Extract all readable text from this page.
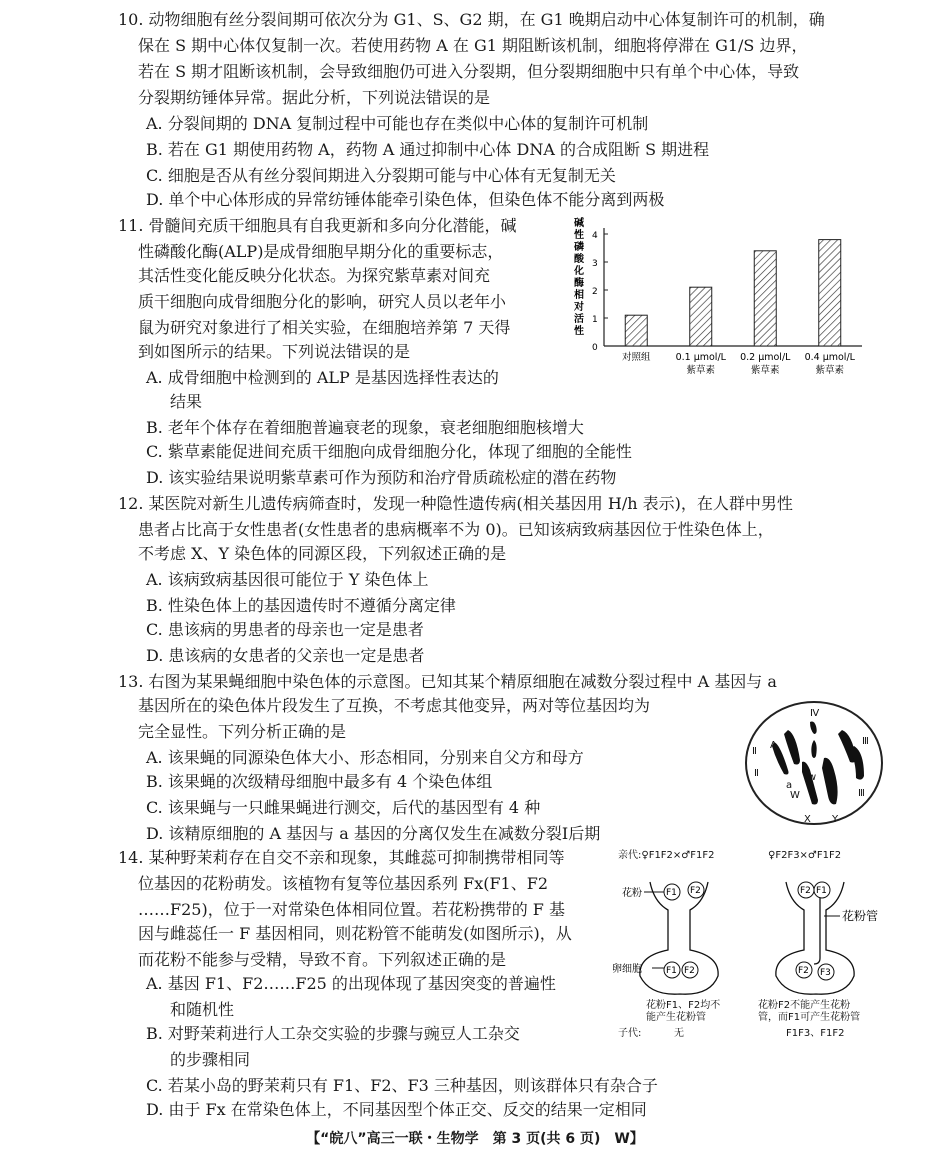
10. 动物细胞有丝分裂间期可依次分为 G1、S、G2 期，在 G1 晚期启动中心体复制许可的机制，确
保在 S 期中心体仅复制一次。若使用药物 A 在 G1 期阻断该机制，细胞将停滞在 G1/S 边界，
若在 S 期才阻断该机制，会导致细胞仍可进入分裂期，但分裂期细胞中只有单个中心体，导致
分裂期纺锤体异常。据此分析，下列说法错误的是
A. 分裂间期的 DNA 复制过程中可能也存在类似中心体的复制许可机制
B. 若在 G1 期使用药物 A，药物 A 通过抑制中心体 DNA 的合成阻断 S 期进程
C. 细胞是否从有丝分裂间期进入分裂期可能与中心体有无复制无关
D. 单个中心体形成的异常纺锤体能牵引染色体，但染色体不能分离到两极
11. 骨髓间充质干细胞具有自我更新和多向分化潜能，碱
性磷酸化酶(ALP)是成骨细胞早期分化的重要标志，
其活性变化能反映分化状态。为探究紫草素对间充
质干细胞向成骨细胞分化的影响，研究人员以老年小
鼠为研究对象进行了相关实验，在细胞培养第 7 天得
到如图所示的结果。下列说法错误的是
A. 成骨细胞中检测到的 ALP 是基因选择性表达的
结果
B. 老年个体存在着细胞普遍衰老的现象，衰老细胞细胞核增大
C. 紫草素能促进间充质干细胞向成骨细胞分化，体现了细胞的全能性
D. 该实验结果说明紫草素可作为预防和治疗骨质疏松症的潜在药物
碱
性
磷
酸
化
酶
相
对
活
性
0
1
2
3
4
对照组	0.1 μmol/L
紫草素
0.2 μmol/L
紫草素
0.4 μmol/L
紫草素
12. 某医院对新生儿遗传病筛查时，发现一种隐性遗传病(相关基因用 H/h 表示)，在人群中男性
患者占比高于女性患者(女性患者的患病概率不为 0)。已知该病致病基因位于性染色体上，
不考虑 X、Y 染色体的同源区段，下列叙述正确的是
A. 该病致病基因很可能位于 Y 染色体上
B. 性染色体上的基因遗传时不遵循分离定律
C. 患该病的男患者的母亲也一定是患者
D. 患该病的女患者的父亲也一定是患者
13. 右图为某果蝇细胞中染色体的示意图。已知其某个精原细胞在减数分裂过程中 A 基因与 a
基因所在的染色体片段发生了互换，不考虑其他变异，两对等位基因均为
完全显性。下列分析正确的是
A. 该果蝇的同源染色体大小、形态相同，分别来自父方和母方
B. 该果蝇的次级精母细胞中最多有 4 个染色体组
C. 该果蝇与一只雌果蝇进行测交，后代的基因型有 4 种
D. 该精原细胞的 A 基因与 a 基因的分离仅发生在减数分裂Ⅰ后期
Ⅳ
Ⅱ
A	Ⅲ
Ⅱ
a
W
w
Ⅲ
X Y
14. 某种野茉莉存在自交不亲和现象，其雌蕊可抑制携带相同等
位基因的花粉萌发。该植物有复等位基因系列 Fx(F1、F2
……F25)，位于一对常染色体相同位置。若花粉携带的 F 基
因与雌蕊任一 F 基因相同，则花粉管不能萌发(如图所示)，从
而花粉不能参与受精，导致不育。下列叙述正确的是
A. 基因 F1、F2……F25 的出现体现了基因突变的普遍性
和随机性
B. 对野茉莉进行人工杂交实验的步骤与豌豆人工杂交
的步骤相同
C. 若某小岛的野茉莉只有 F1、F2、F3 三种基因，则该群体只有杂合子
D. 由于 Fx 在常染色体上，不同基因型个体正交、反交的结果一定相同
亲代:♀F1F2×♂F1F2	♀F2F3×♂F1F2
F1 F2
F1 F2
花粉
卵细胞
F2 F1
F2 F3
花粉管
花粉F1、F2均不
能产生花粉管
花粉F2不能产生花粉
管，而F1可产生花粉管
子代:	无	F1F3、F1F2
【“皖八”高三一联・生物学　第 3 页(共 6 页)　W】
